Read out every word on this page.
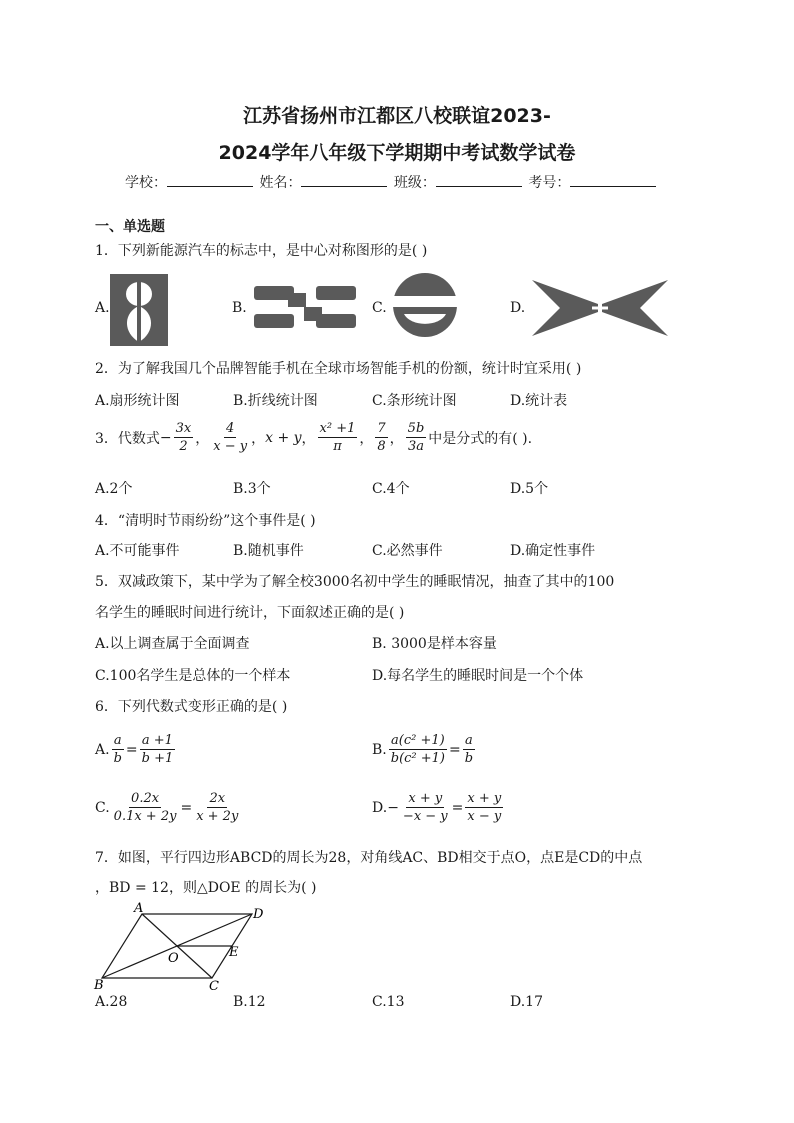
江苏省扬州市江都区八校联谊2023-
2024学年八年级下学期期中考试数学试卷
学校：	姓名：	班级：	考号：
一、单选题
1．下列新能源汽车的标志中，是中心对称图形的是( )
A.	B.	C.	D.
2．为了解我国几个品牌智能手机在全球市场智能手机的份额，统计时宜采用( )
A.扇形统计图	B.折线统计图	C.条形统计图	D.统计表
3．代数式 − $\frac{3x}{2}$ ， $\frac{4}{x - y}$ ， x + y ， $\frac{\text{x² +1}}{\pi}$ ， $\frac{7}{8}$ ， $\frac{5b}{3a}$ 中是分式的有( ).
A.2个	B.3个	C.4个	D.5个
4．“清明时节雨纷纷”这个事件是( )
A.不可能事件	B.随机事件	C.必然事件	D.确定性事件
5．双减政策下，某中学为了解全校3000名初中学生的睡眠情况，抽查了其中的100
名学生的睡眠时间进行统计，下面叙述正确的是( )
A.以上调查属于全面调查	B. 3000是样本容量
C.100名学生是总体的一个样本	D.每名学生的睡眠时间是一个个体
6．下列代数式变形正确的是( )
A. $\frac{a}{b} = \frac{a +1}{b +1}$	B. $\frac{\text{a(c² +1)}}{\text{b(c² +1)}} = \frac{a}{b}$
C. $\frac{0.2x}{0.1x + 2y} = \frac{2x}{x + 2y}$	D. − $\frac{x + y}{-x - y} = \frac{x + y}{x - y}$
7．如图，平行四边形ABCD的周长为28，对角线AC、BD相交于点O，点E是CD的中点
，BD = 12，则△DOE 的周长为( )
A	D
B	C
O	E
A.28	B.12	C.13	D.17
